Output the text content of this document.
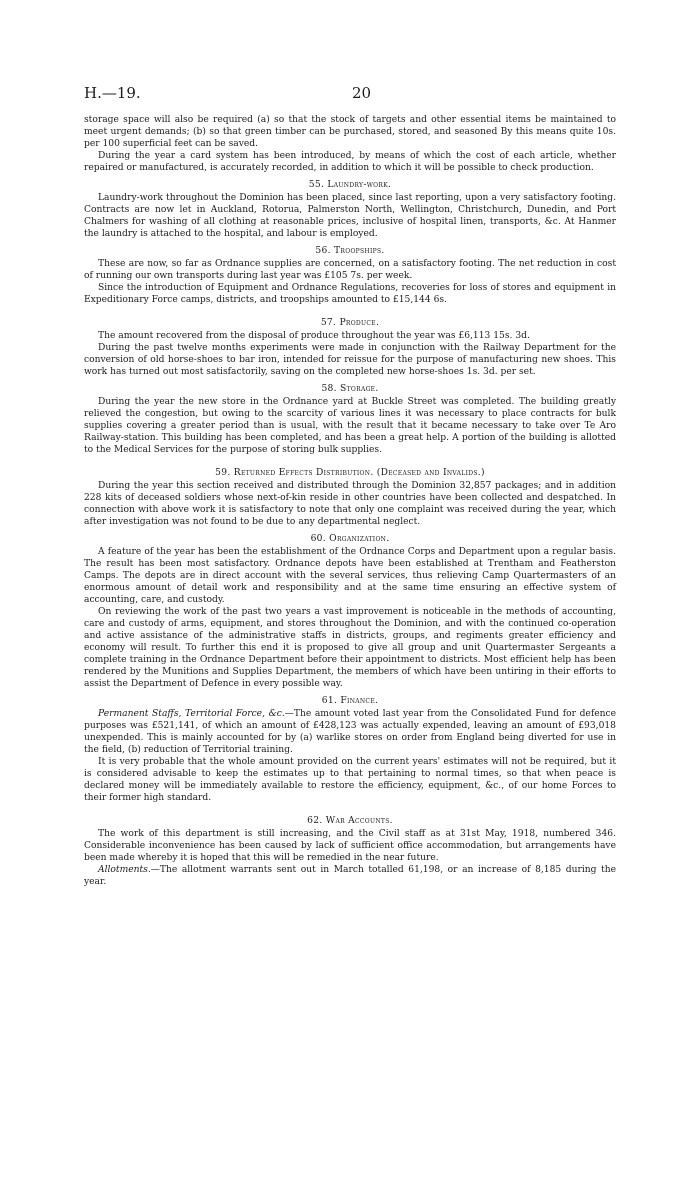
H.—19.	20

storage space will also be required (a) so that the stock of targets and other essential items be maintained to meet urgent demands; (b) so that green timber can be purchased, stored, and seasoned By this means quite 10s. per 100 superficial feet can be saved.

During the year a card system has been introduced, by means of which the cost of each article, whether repaired or manufactured, is accurately recorded, in addition to which it will be possible to check production.

55. Laundry-work.

Laundry-work throughout the Dominion has been placed, since last reporting, upon a very satisfactory footing. Contracts are now let in Auckland, Rotorua, Palmerston North, Wellington, Christchurch, Dunedin, and Port Chalmers for washing of all clothing at reasonable prices, inclusive of hospital linen, transports, &c. At Hanmer the laundry is attached to the hospital, and labour is employed.

56. Troopships.

These are now, so far as Ordnance supplies are concerned, on a satisfactory footing. The net reduction in cost of running our own transports during last year was £105 7s. per week.

Since the introduction of Equipment and Ordnance Regulations, recoveries for loss of stores and equipment in Expeditionary Force camps, districts, and troopships amounted to £15,144 6s.

57. Produce.

The amount recovered from the disposal of produce throughout the year was £6,113 15s. 3d.

During the past twelve months experiments were made in conjunction with the Railway Department for the conversion of old horse-shoes to bar iron, intended for reissue for the purpose of manufacturing new shoes. This work has turned out most satisfactorily, saving on the completed new horse-shoes 1s. 3d. per set.

58. Storage.

During the year the new store in the Ordnance yard at Buckle Street was completed. The building greatly relieved the congestion, but owing to the scarcity of various lines it was necessary to place contracts for bulk supplies covering a greater period than is usual, with the result that it became necessary to take over Te Aro Railway-station. This building has been completed, and has been a great help. A portion of the building is allotted to the Medical Services for the purpose of storing bulk supplies.

59. Returned Effects Distribution. (Deceased and Invalids.)

During the year this section received and distributed through the Dominion 32,857 packages; and in addition 228 kits of deceased soldiers whose next-of-kin reside in other countries have been collected and despatched. In connection with above work it is satisfactory to note that only one complaint was received during the year, which after investigation was not found to be due to any departmental neglect.

60. Organization.

A feature of the year has been the establishment of the Ordnance Corps and Department upon a regular basis. The result has been most satisfactory. Ordnance depots have been established at Trentham and Featherston Camps. The depots are in direct account with the several services, thus relieving Camp Quartermasters of an enormous amount of detail work and responsibility and at the same time ensuring an effective system of accounting, care, and custody.

On reviewing the work of the past two years a vast improvement is noticeable in the methods of accounting, care and custody of arms, equipment, and stores throughout the Dominion, and with the continued co-operation and active assistance of the administrative staffs in districts, groups, and regiments greater efficiency and economy will result. To further this end it is proposed to give all group and unit Quartermaster Sergeants a complete training in the Ordnance Department before their appointment to districts. Most efficient help has been rendered by the Munitions and Supplies Department, the members of which have been untiring in their efforts to assist the Department of Defence in every possible way.

61. Finance.

Permanent Staffs, Territorial Force, &c.—The amount voted last year from the Consolidated Fund for defence purposes was £521,141, of which an amount of £428,123 was actually expended, leaving an amount of £93,018 unexpended. This is mainly accounted for by (a) warlike stores on order from England being diverted for use in the field, (b) reduction of Territorial training.

It is very probable that the whole amount provided on the current years' estimates will not be required, but it is considered advisable to keep the estimates up to that pertaining to normal times, so that when peace is declared money will be immediately available to restore the efficiency, equipment, &c., of our home Forces to their former high standard.

62. War Accounts.

The work of this department is still increasing, and the Civil staff as at 31st May, 1918, numbered 346. Considerable inconvenience has been caused by lack of sufficient office accommodation, but arrangements have been made whereby it is hoped that this will be remedied in the near future.

Allotments.—The allotment warrants sent out in March totalled 61,198, or an increase of 8,185 during the year.
